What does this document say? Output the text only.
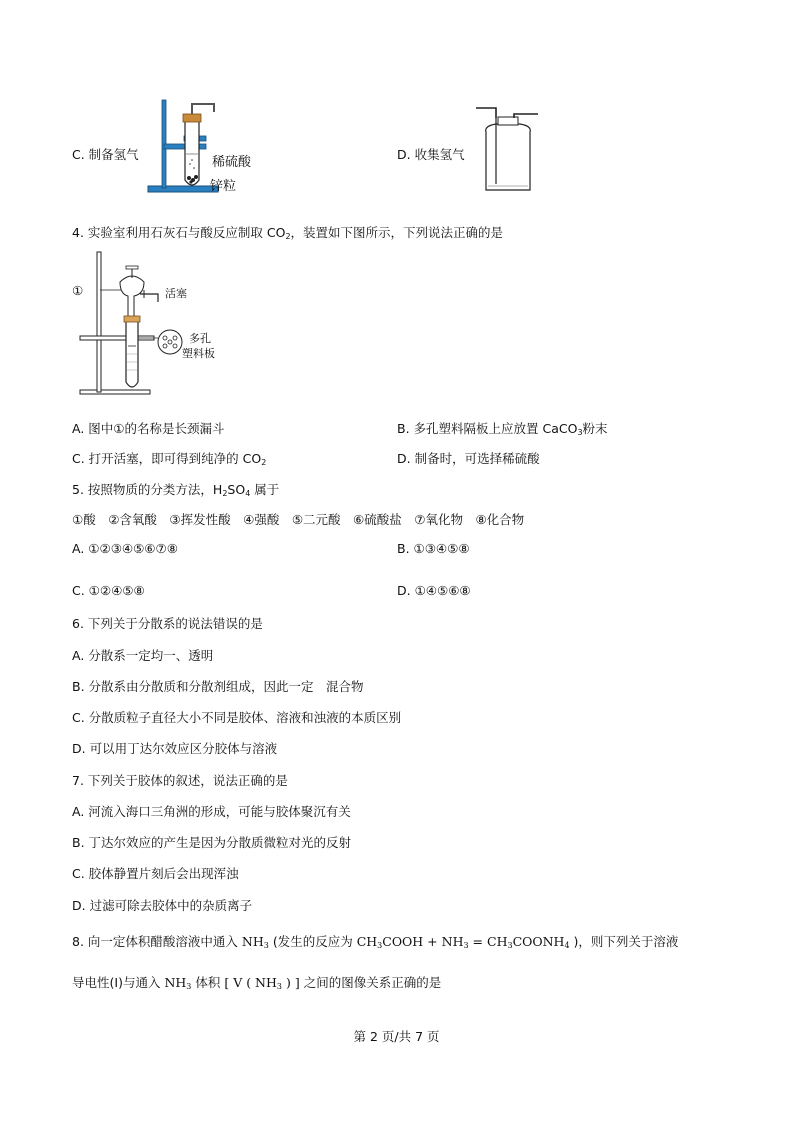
C. 制备氢气
稀硫酸
锌粒
D. 收集氢气
4. 实验室利用石灰石与酸反应制取 $CO_2$，装置如下图所示，下列说法正确的是
①	活塞
多孔
塑料板
A. 图中①的名称是长颈漏斗	B. 多孔塑料隔板上应放置 CaCO$_3$粉末
C. 打开活塞，即可得到纯净的 $CO_2$	D. 制备时，可选择稀硫酸
5. 按照物质的分类方法，$H_2SO_4$ 属于
①酸　②含氧酸　③挥发性酸　④强酸　⑤二元酸　⑥硫酸盐　⑦氧化物　⑧化合物
A. ①②③④⑤⑥⑦⑧	B. ①③④⑤⑧
C. ①②④⑤⑧	D. ①④⑤⑥⑧
6. 下列关于分散系的说法错误的是
A. 分散系一定均一、透明
B. 分散系由分散质和分散剂组成，因此一定　混合物
C. 分散质粒子直径大小不同是胶体、溶液和浊液的本质区别
D. 可以用丁达尔效应区分胶体与溶液
7. 下列关于胶体的叙述，说法正确的是
A. 河流入海口三角洲的形成，可能与胶体聚沉有关
B. 丁达尔效应的产生是因为分散质微粒对光的反射
C. 胶体静置片刻后会出现浑浊
D. 过滤可除去胶体中的杂质离子
8. 向一定体积醋酸溶液中通入 $NH_3$ (发生的反应为 $CH_3COOH + NH_3$ = $CH_3COONH_4$ )，则下列关于溶液
导电性(I)与通入 $NH_3$ 体积 [ V ( $NH_3$ ) ] 之间的图像关系正确的是
第 2 页/共 7 页
